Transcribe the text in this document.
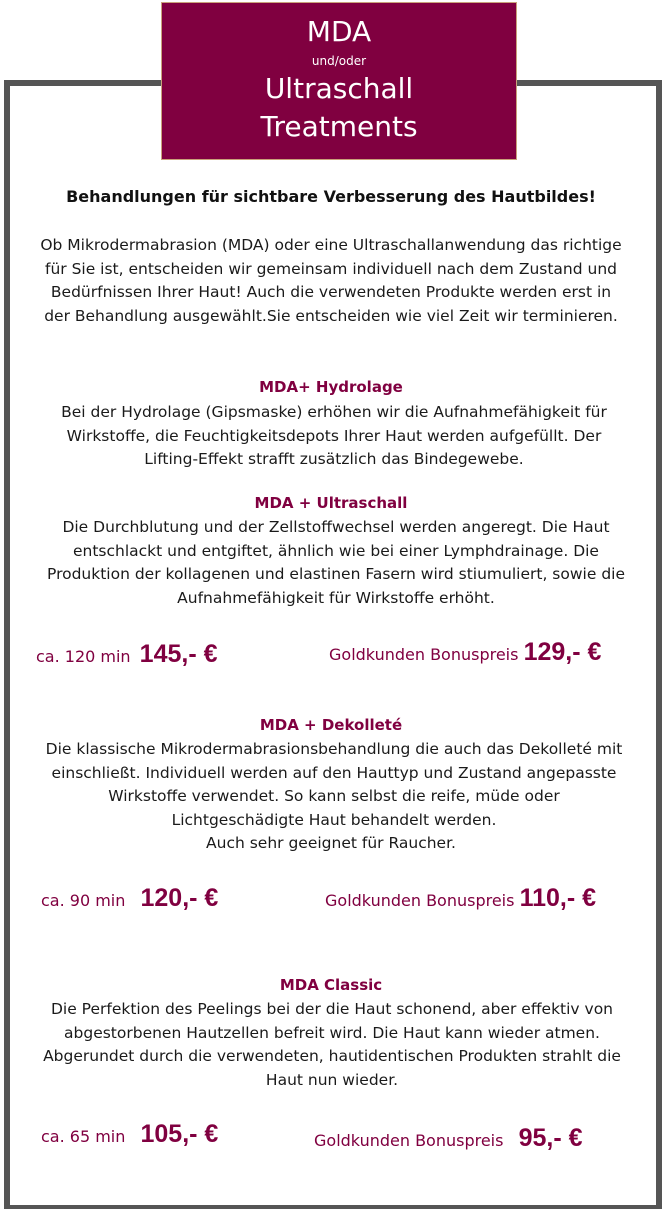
MDA
und/oder
Ultraschall
Treatments
Behandlungen für sichtbare Verbesserung des Hautbildes!
Ob Mikrodermabrasion (MDA) oder eine Ultraschallanwendung das richtige für Sie ist, entscheiden wir gemeinsam individuell nach dem Zustand und Bedürfnissen Ihrer Haut! Auch die verwendeten Produkte werden erst in der Behandlung ausgewählt.Sie entscheiden wie viel Zeit wir terminieren.
MDA+ Hydrolage
Bei der Hydrolage (Gipsmaske) erhöhen wir die Aufnahmefähigkeit für Wirkstoffe, die Feuchtigkeitsdepots Ihrer Haut werden aufgefüllt. Der Lifting-Effekt strafft zusätzlich das Bindegewebe.
MDA + Ultraschall
Die Durchblutung und der Zellstoffwechsel werden angeregt. Die Haut entschlackt und entgiftet, ähnlich wie bei einer Lymphdrainage. Die Produktion der kollagenen und elastinen Fasern wird stiumuliert, sowie die Aufnahmefähigkeit für Wirkstoffe erhöht.
ca. 120 min 145,- €	Goldkunden Bonuspreis 129,- €
MDA + Dekolleté
Die klassische Mikrodermabrasionsbehandlung die auch das Dekolleté mit einschließt. Individuell werden auf den Hauttyp und Zustand angepasste Wirkstoffe verwendet. So kann selbst die reife, müde oder Lichtgeschädigte Haut behandelt werden.
Auch sehr geeignet für Raucher.
ca. 90 min 120,- €	Goldkunden Bonuspreis 110,- €
MDA Classic
Die Perfektion des Peelings bei der die Haut schonend, aber effektiv von abgestorbenen Hautzellen befreit wird. Die Haut kann wieder atmen. Abgerundet durch die verwendeten, hautidentischen Produkten strahlt die Haut nun wieder.
ca. 65 min 105,- €	Goldkunden Bonuspreis 95,- €
